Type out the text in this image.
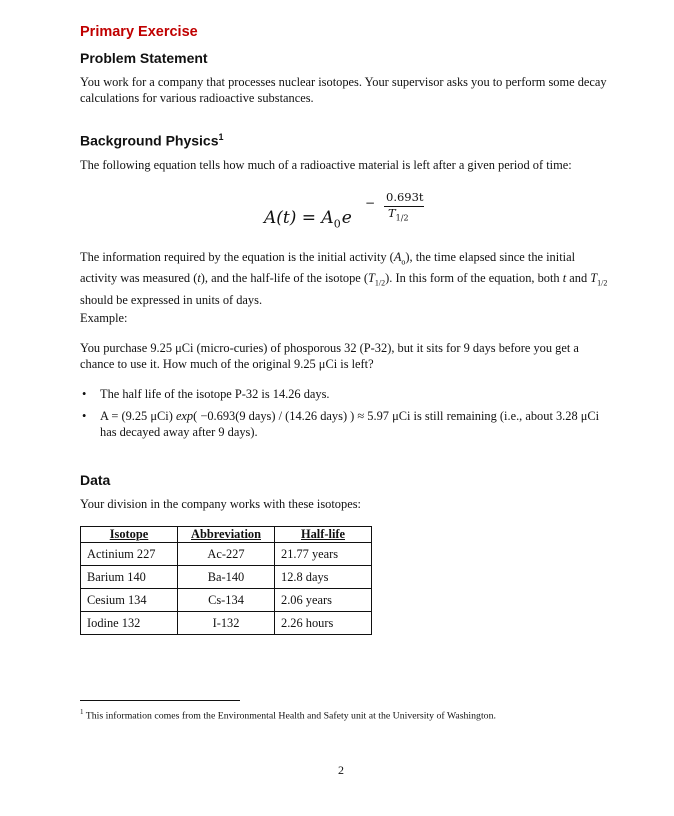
Primary Exercise
Problem Statement

You work for a company that processes nuclear isotopes. Your supervisor asks you to perform some decay calculations for various radioactive substances.

Background Physics$^1$

The following equation tells how much of a radioactive material is left after a given period of time:

$A(t) = A_0e$
− 0.693t
$T_{1/2}$

The information required by the equation is the initial activity $(A_o)$, the time elapsed since the initial activity was measured (t), and the half-life of the isotope $(T_{1/2})$. In this form of the equation, both t and $T_{1/2}$ should be expressed in units of days.

Example:

You purchase 9.25 μCi (micro-curies) of phosporous 32 (P-32), but it sits for 9 days before you get a chance to use it. How much of the original 9.25 μCi is left?

• The half life of the isotope P-32 is 14.26 days.
• A = (9.25 μCi) exp( −0.693(9 days) / (14.26 days) ) ≈ 5.97 μCi is still remaining (i.e., about 3.28 μCi has decayed away after 9 days).
Data

Your division in the company works with these isotopes:

Isotope	Abbreviation	Half-life
Actinium 227	Ac-227	21.77 years
Barium 140	Ba-140	12.8 days
Cesium 134	Cs-134	2.06 years
Iodine 132	I-132	2.26 hours
$^1$ This information comes from the Environmental Health and Safety unit at the University of Washington.
2
